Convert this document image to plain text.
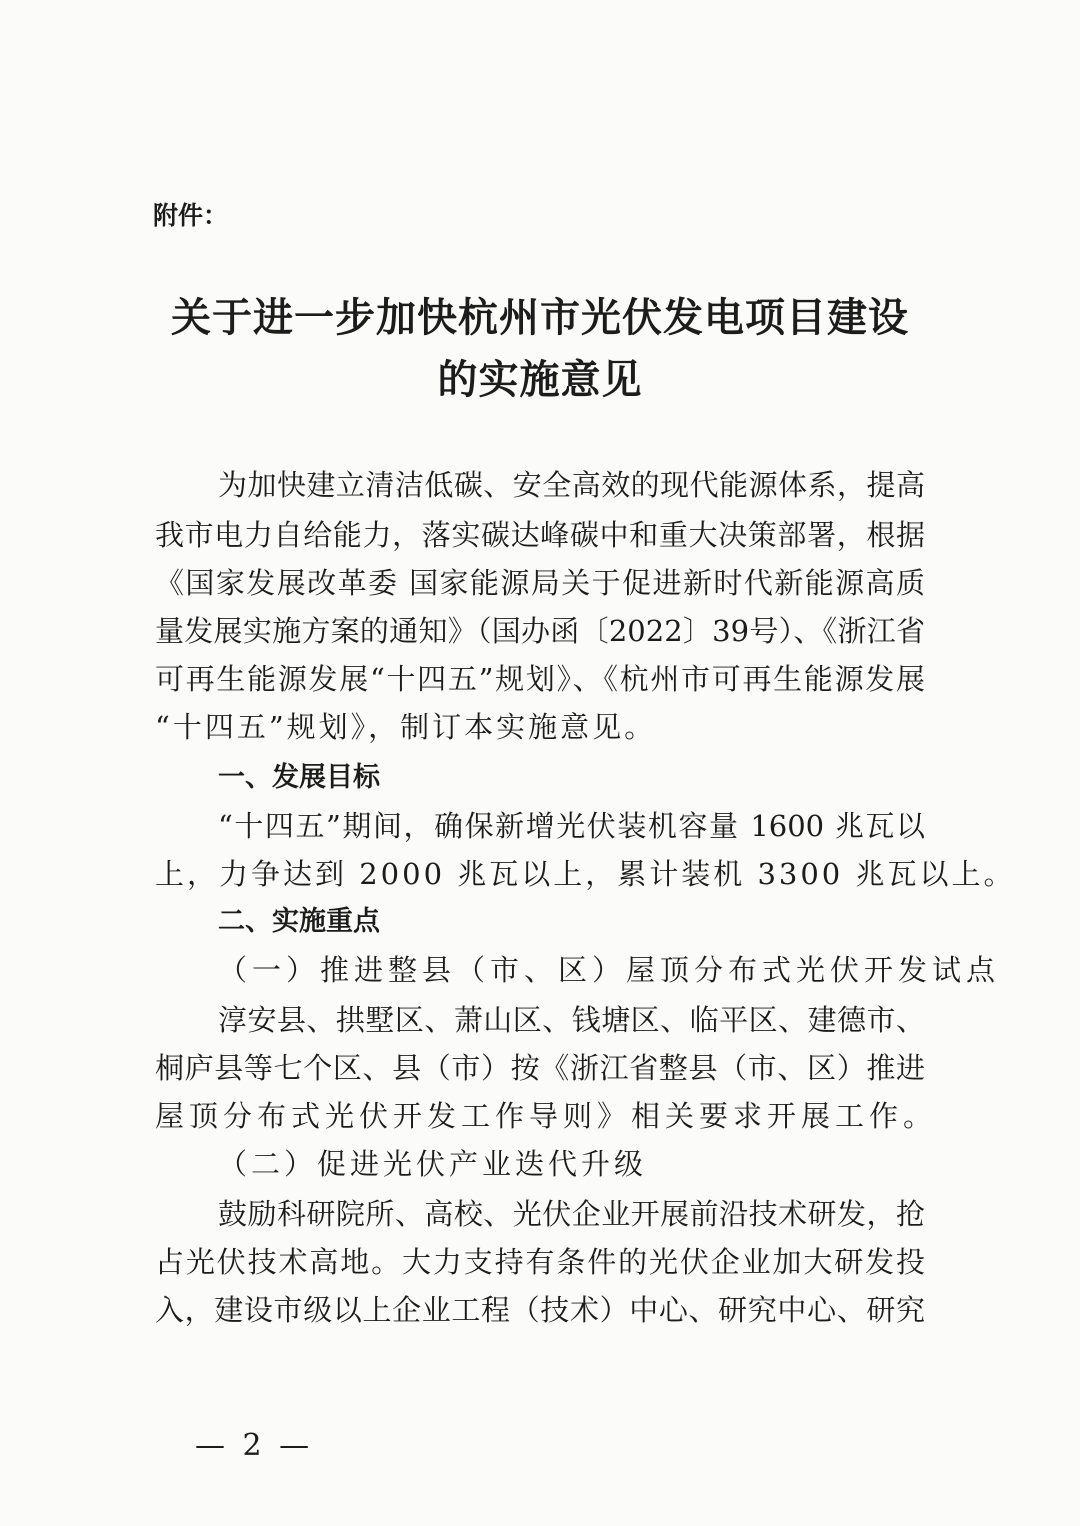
附件：
关于进一步加快杭州市光伏发电项目建设
的实施意见
为加快建立清洁低碳、安全高效的现代能源体系，提高
我市电力自给能力，落实碳达峰碳中和重大决策部署，根据
《国家发展改革委 国家能源局关于促进新时代新能源高质
量发展实施方案的通知》（国办函〔2022〕39号）、《浙江省
可再生能源发展“十四五”规划》、《杭州市可再生能源发展
“十四五”规划》，制订本实施意见。
一、发展目标
“十四五”期间，确保新增光伏装机容量 1600 兆瓦以
上，力争达到 2000 兆瓦以上，累计装机 3300 兆瓦以上。
二、实施重点
（一）推进整县（市、区）屋顶分布式光伏开发试点
淳安县、拱墅区、萧山区、钱塘区、临平区、建德市、
桐庐县等七个区、县（市）按《浙江省整县（市、区）推进
屋顶分布式光伏开发工作导则》相关要求开展工作。
（二）促进光伏产业迭代升级
鼓励科研院所、高校、光伏企业开展前沿技术研发，抢
占光伏技术高地。大力支持有条件的光伏企业加大研发投
入，建设市级以上企业工程（技术）中心、研究中心、研究
— 2 —
